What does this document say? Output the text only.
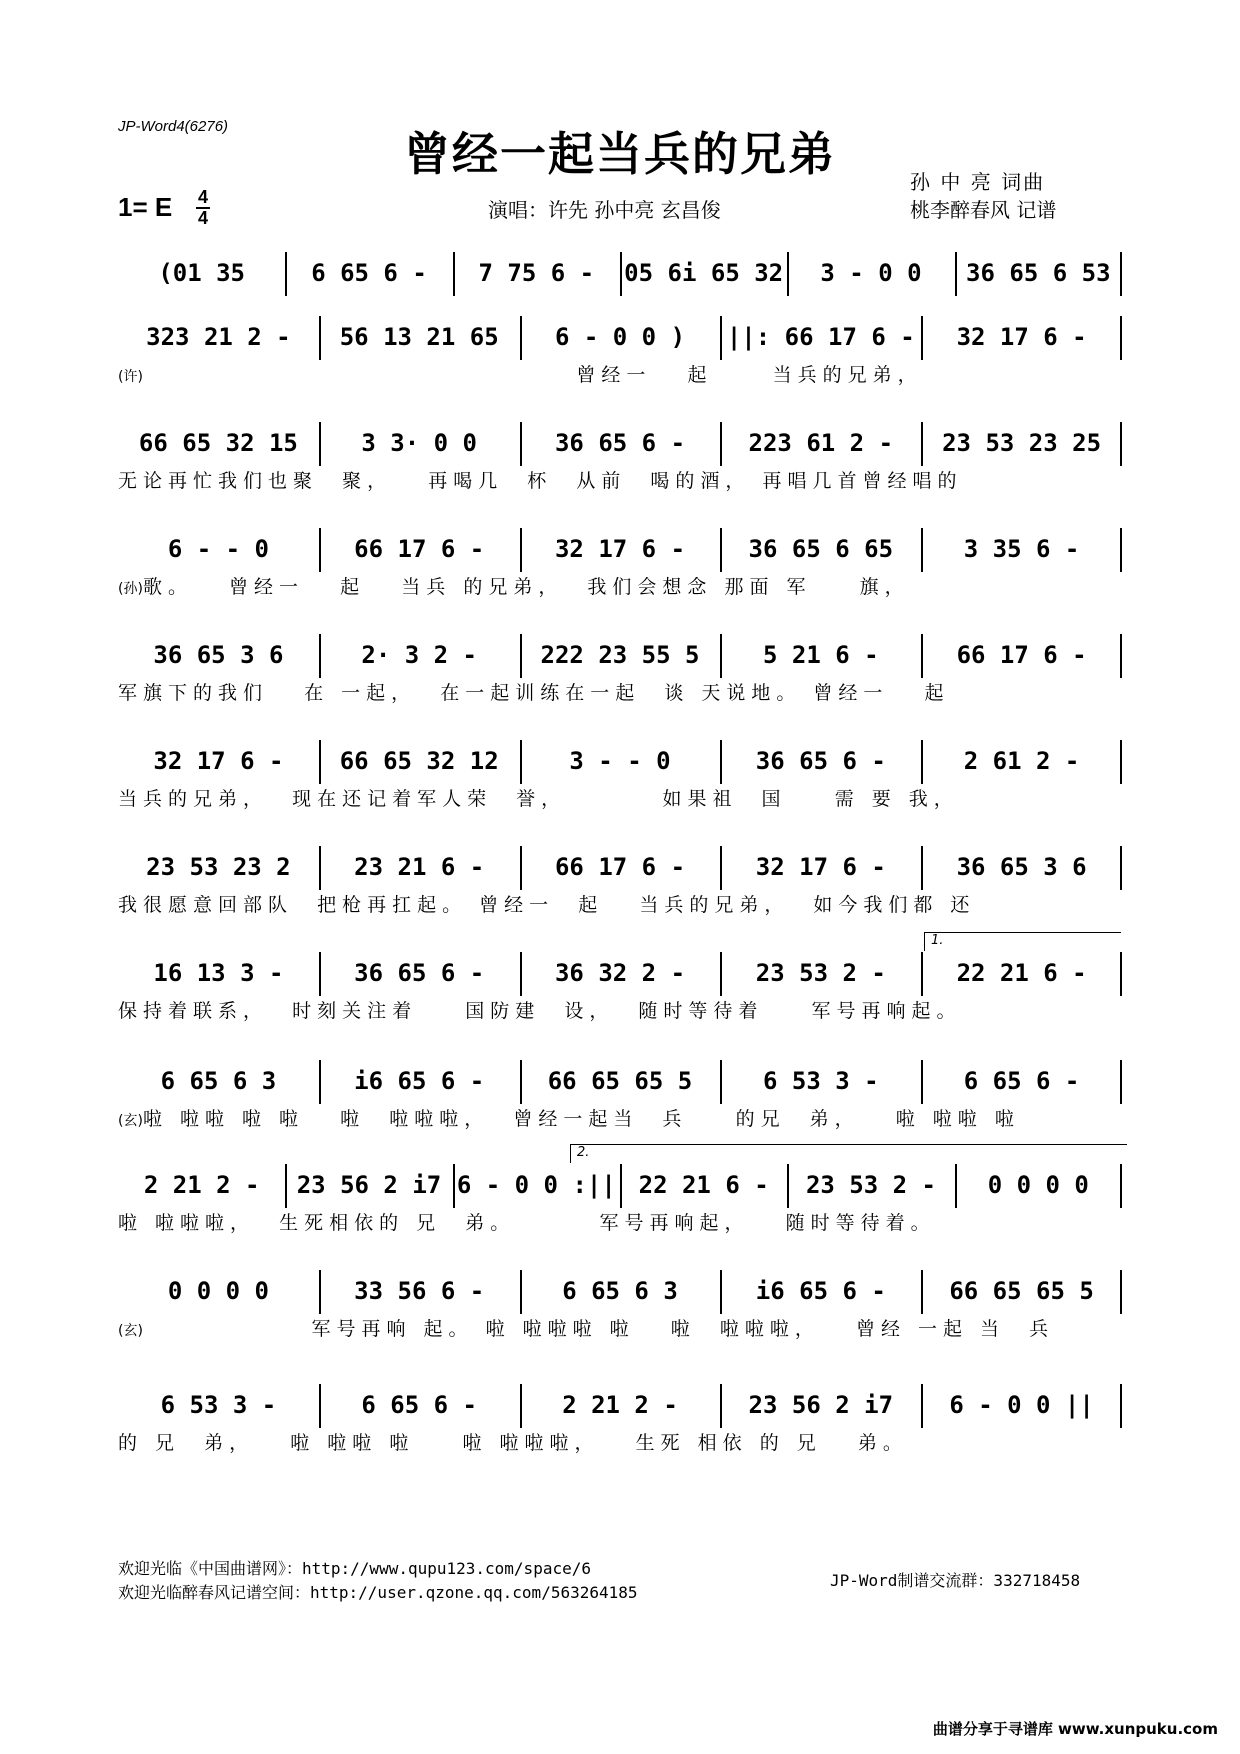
JP-Word4(6276)
曾经一起当兵的兄弟
1= E 4
4	演唱：许先 孙中亮 玄昌俊
孙 中 亮 词曲
桃李醉春风 记谱
(01 35	6 65 6 -	7 75 6 -	05 6i 65 32	3 - 0 0	36 65 6 53
323 21 2 -	56 13 21 65	6 - 0 0 )	||: 66 17 6 -	32 17 6 -
(许)                                    曾经一   起     当兵的兄弟，
66 65 32 15	3 3· 0 0	36 65 6 -	223 61 2 -	23 53 23 25
无论再忙我们也聚  聚，   再喝几  杯  从前  喝的酒， 再唱几首曾经唱的
6 - - 0	66 17 6 -	32 17 6 -	36 65 6 65	3 35 6 -
(孙)歌。   曾经一   起   当兵 的兄弟，  我们会想念 那面 军    旗，
36 65 3 6	2· 3 2 -	222 23 55 5	5 21 6 -	66 17 6 -
军旗下的我们   在 一起，  在一起训练在一起  谈 天说地。 曾经一   起
32 17 6 -	66 65 32 12	3 - - 0	36 65 6 -	2 61 2 -
当兵的兄弟，  现在还记着军人荣  誉，        如果祖  国    需 要 我，
23 53 23 2	23 21 6 -	66 17 6 -	32 17 6 -	36 65 3 6
我很愿意回部队  把枪再扛起。 曾经一  起   当兵的兄弟，  如今我们都 还
16 13 3 -	36 65 6 -	36 32 2 -	23 53 2 -	22 21 6 -
1.
保持着联系，  时刻关注着    国防建  设，  随时等待着    军号再响起。
6 65 6 3	i6 65 6 -	66 65 65 5	6 53 3 -	6 65 6 -
(玄)啦 啦啦 啦 啦   啦  啦啦啦，  曾经一起当  兵    的兄  弟，   啦 啦啦 啦
2 21 2 -	23 56 2 i7 6 - 0 0 :|| 22 21 6 -	23 53 2 -	0 0 0 0
2.
啦 啦啦啦，  生死相依的 兄  弟。       军号再响起，   随时等待着。
0 0 0 0	33 56 6 -	6 65 6 3	i6 65 6 -	66 65 65 5
(玄)              军号再响 起。 啦 啦啦啦 啦   啦  啦啦啦，   曾经 一起 当  兵
6 53 3 -	6 65 6 -	2 21 2 -	23 56 2 i7	6 - 0 0 ||
的 兄  弟，   啦 啦啦 啦    啦 啦啦啦，   生死 相依 的 兄   弟。
欢迎光临《中国曲谱网》：http://www.qupu123.com/space/6
欢迎光临醉春风记谱空间：http://user.qzone.qq.com/563264185
JP-Word制谱交流群：332718458
曲谱分享于寻谱库 www.xunpuku.com
